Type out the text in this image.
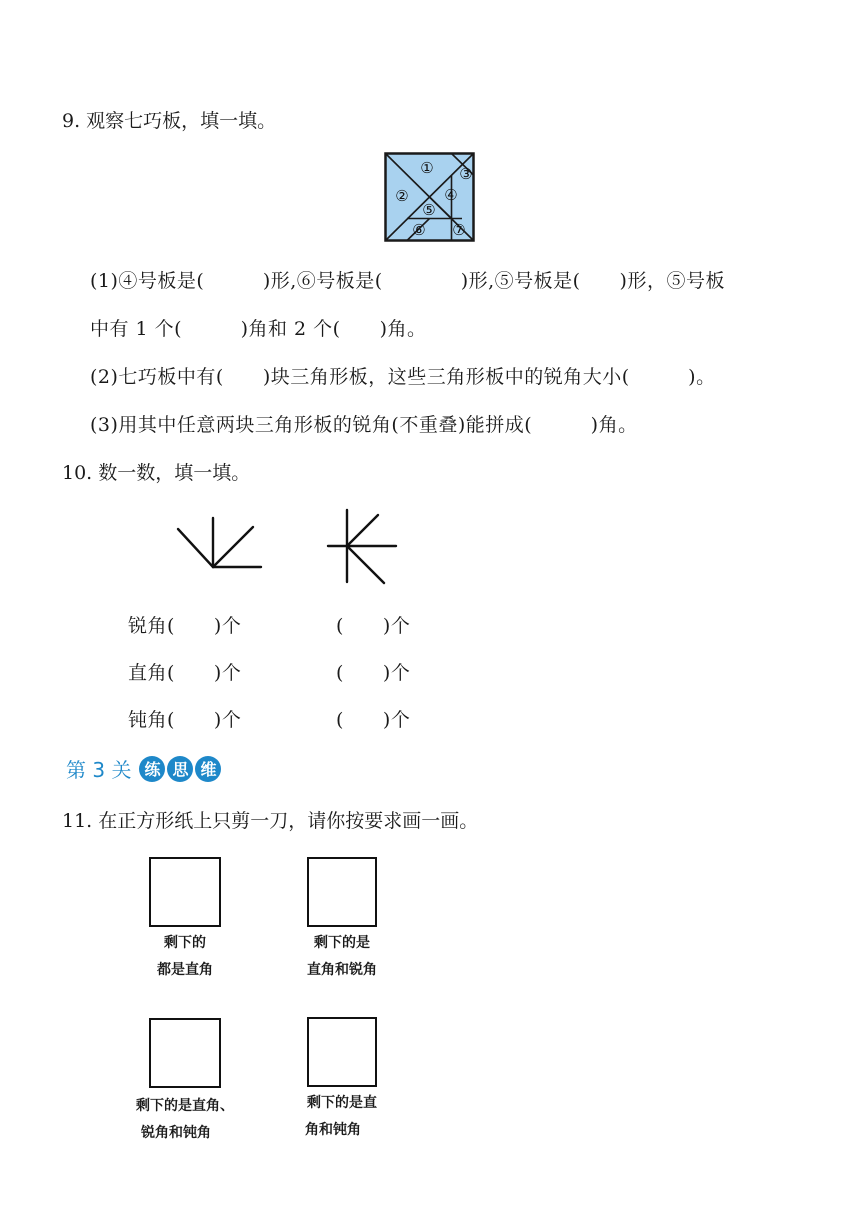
9. 观察七巧板，填一填。
①
②
③
④
⑤
⑥ ⑦
(1)④号板是(　　　)形,⑥号板是(　　　　)形,⑤号板是(　　)形，⑤号板
中有 1 个(　　　)角和 2 个(　　)角。
(2)七巧板中有(　　)块三角形板，这些三角形板中的锐角大小(　　　)。
(3)用其中任意两块三角形板的锐角(不重叠)能拼成(　　　)角。
10. 数一数，填一填。
锐角(　　)个	(　　)个
直角(　　)个	(　　)个
钝角(　　)个	(　　)个
第 3 关 练 思 维
11. 在正方形纸上只剪一刀，请你按要求画一画。
剩下的
都是直角
剩下的是
直角和锐角
剩下的是直角、
锐角和钝角
剩下的是直
角和钝角
